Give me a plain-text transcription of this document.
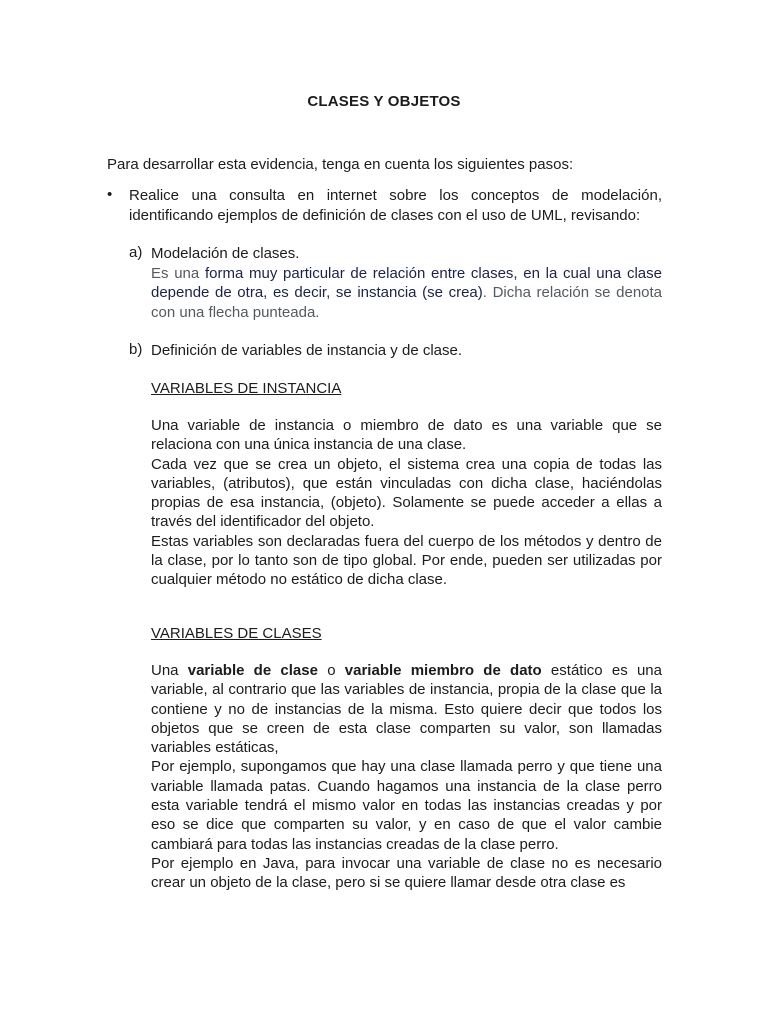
CLASES Y OBJETOS
Para desarrollar esta evidencia, tenga en cuenta los siguientes pasos:
• Realice una consulta en internet sobre los conceptos de modelación, identificando ejemplos de definición de clases con el uso de UML, revisando:
a) Modelación de clases.
Es una forma muy particular de relación entre clases, en la cual una clase depende de otra, es decir, se instancia (se crea). Dicha relación se denota con una flecha punteada.
b) Definición de variables de instancia y de clase.
VARIABLES DE INSTANCIA
Una variable de instancia o miembro de dato es una variable que se relaciona con una única instancia de una clase.
Cada vez que se crea un objeto, el sistema crea una copia de todas las variables, (atributos), que están vinculadas con dicha clase, haciéndolas propias de esa instancia, (objeto). Solamente se puede acceder a ellas a través del identificador del objeto.
Estas variables son declaradas fuera del cuerpo de los métodos y dentro de la clase, por lo tanto son de tipo global. Por ende, pueden ser utilizadas por cualquier método no estático de dicha clase.
VARIABLES DE CLASES
Una variable de clase o variable miembro de dato estático es una variable, al contrario que las variables de instancia, propia de la clase que la contiene y no de instancias de la misma. Esto quiere decir que todos los objetos que se creen de esta clase comparten su valor, son llamadas variables estáticas,
Por ejemplo, supongamos que hay una clase llamada perro y que tiene una variable llamada patas. Cuando hagamos una instancia de la clase perro esta variable tendrá el mismo valor en todas las instancias creadas y por eso se dice que comparten su valor, y en caso de que el valor cambie cambiará para todas las instancias creadas de la clase perro.
Por ejemplo en Java, para invocar una variable de clase no es necesario crear un objeto de la clase, pero si se quiere llamar desde otra clase es
